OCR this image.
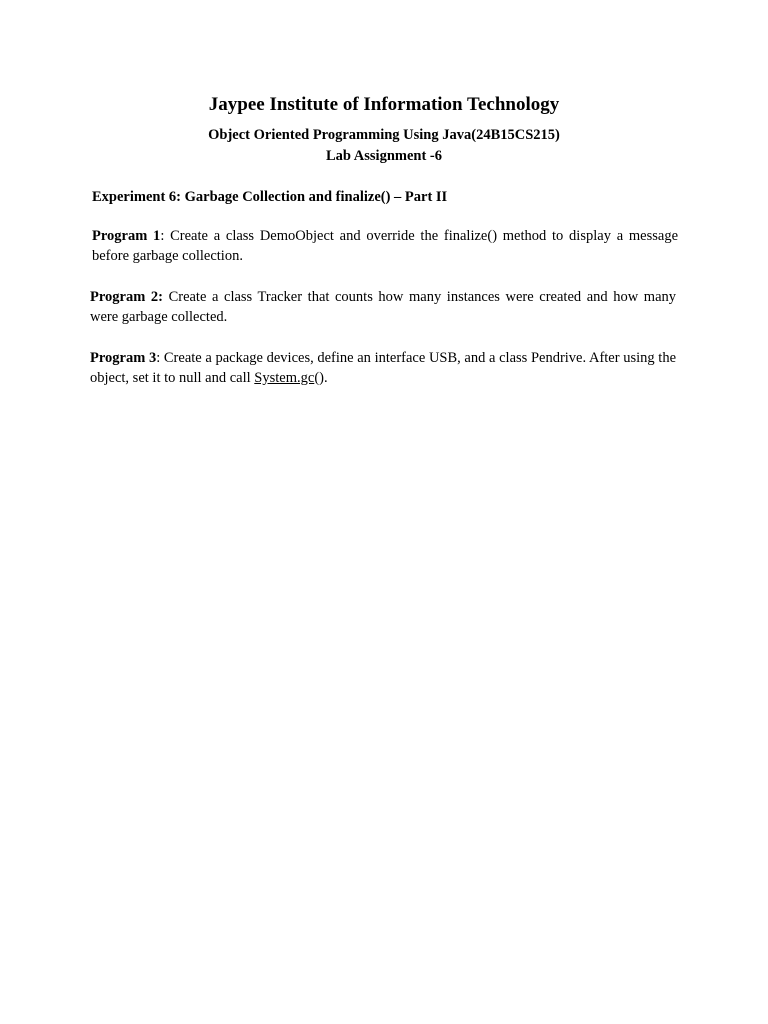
Jaypee Institute of Information Technology
Object Oriented Programming Using Java(24B15CS215)
Lab Assignment -6
Experiment 6: Garbage Collection and finalize() – Part II
Program 1: Create a class DemoObject and override the finalize() method to display a message before garbage collection.
Program 2: Create a class Tracker that counts how many instances were created and how many were garbage collected.
Program 3: Create a package devices, define an interface USB, and a class Pendrive. After using the object, set it to null and call System.gc().
